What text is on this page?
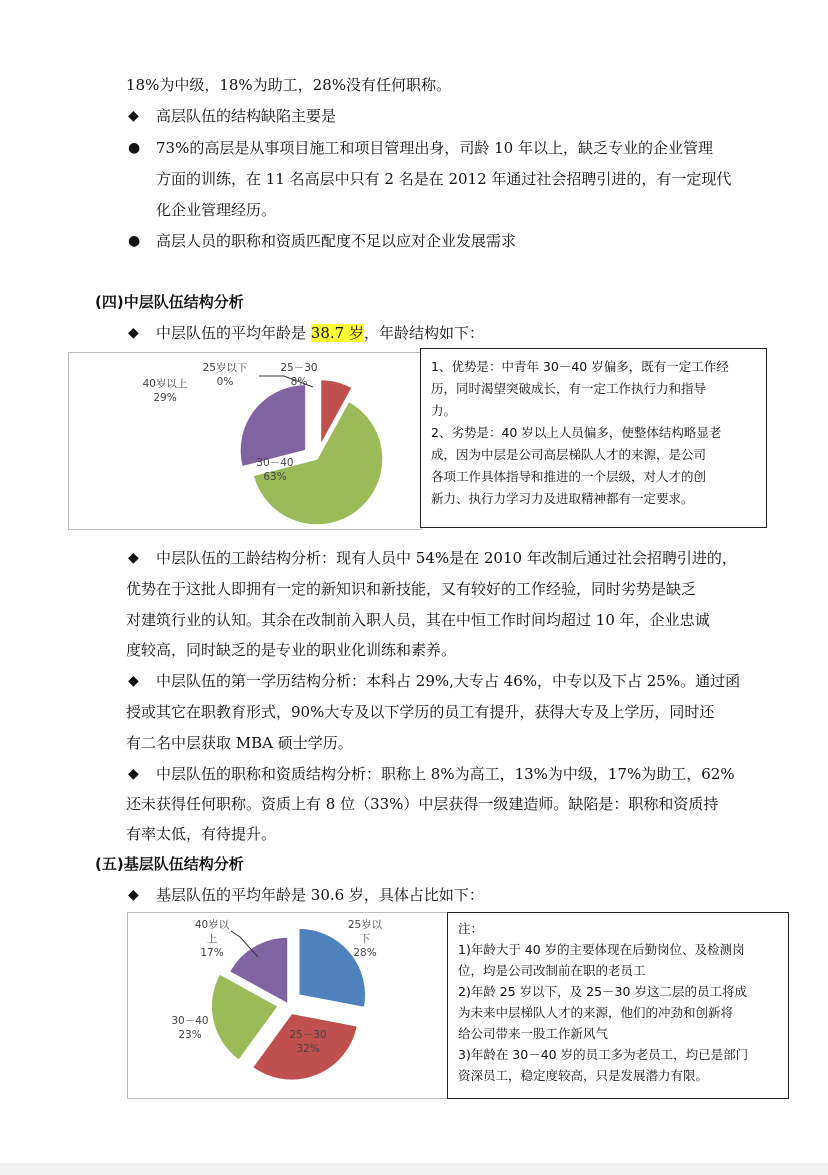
18%为中级，18%为助工，28%没有任何职称。
◆ 高层队伍的结构缺陷主要是
● 73%的高层是从事项目施工和项目管理出身，司龄 10 年以上，缺乏专业的企业管理
方面的训练，在 11 名高层中只有 2 名是在 2012 年通过社会招聘引进的，有一定现代
化企业管理经历。
● 高层人员的职称和资质匹配度不足以应对企业发展需求
(四)中层队伍结构分析
◆ 中层队伍的平均年龄是 38.7 岁，年龄结构如下：
25岁以下 0%
25－30 8%
30－40 63%
40岁以上 29%
1、优势是：中青年 30－40 岁偏多，既有一定工作经
历，同时渴望突破成长，有一定工作执行力和指导
力。
2、劣势是：40 岁以上人员偏多，使整体结构略显老
成，因为中层是公司高层梯队人才的来源，是公司
各项工作具体指导和推进的一个层级，对人才的创
新力、执行力学习力及进取精神都有一定要求。
◆ 中层队伍的工龄结构分析：现有人员中 54%是在 2010 年改制后通过社会招聘引进的，
优势在于这批人即拥有一定的新知识和新技能，又有较好的工作经验，同时劣势是缺乏
对建筑行业的认知。其余在改制前入职人员，其在中恒工作时间均超过 10 年，企业忠诚
度较高，同时缺乏的是专业的职业化训练和素养。
◆ 中层队伍的第一学历结构分析：本科占 29%,大专占 46%，中专以及下占 25%。通过函
授或其它在职教育形式，90%大专及以下学历的员工有提升，获得大专及上学历，同时还
有二名中层获取 MBA 硕士学历。
◆ 中层队伍的职称和资质结构分析：职称上 8%为高工，13%为中级，17%为助工，62%
还未获得任何职称。资质上有 8 位（33%）中层获得一级建造师。缺陷是：职称和资质持
有率太低，有待提升。
(五)基层队伍结构分析
◆ 基层队伍的平均年龄是 30.6 岁，具体占比如下：
25岁以下 28%
25－30 32%
30－40 23%
40岁以上 17%
注：
1)年龄大于 40 岁的主要体现在后勤岗位、及检测岗
位，均是公司改制前在职的老员工
2)年龄 25 岁以下，及 25－30 岁这二层的员工将成
为未来中层梯队人才的来源，他们的冲劲和创新将
给公司带来一股工作新风气
3)年龄在 30－40 岁的员工多为老员工，均已是部门
资深员工，稳定度较高，只是发展潜力有限。
